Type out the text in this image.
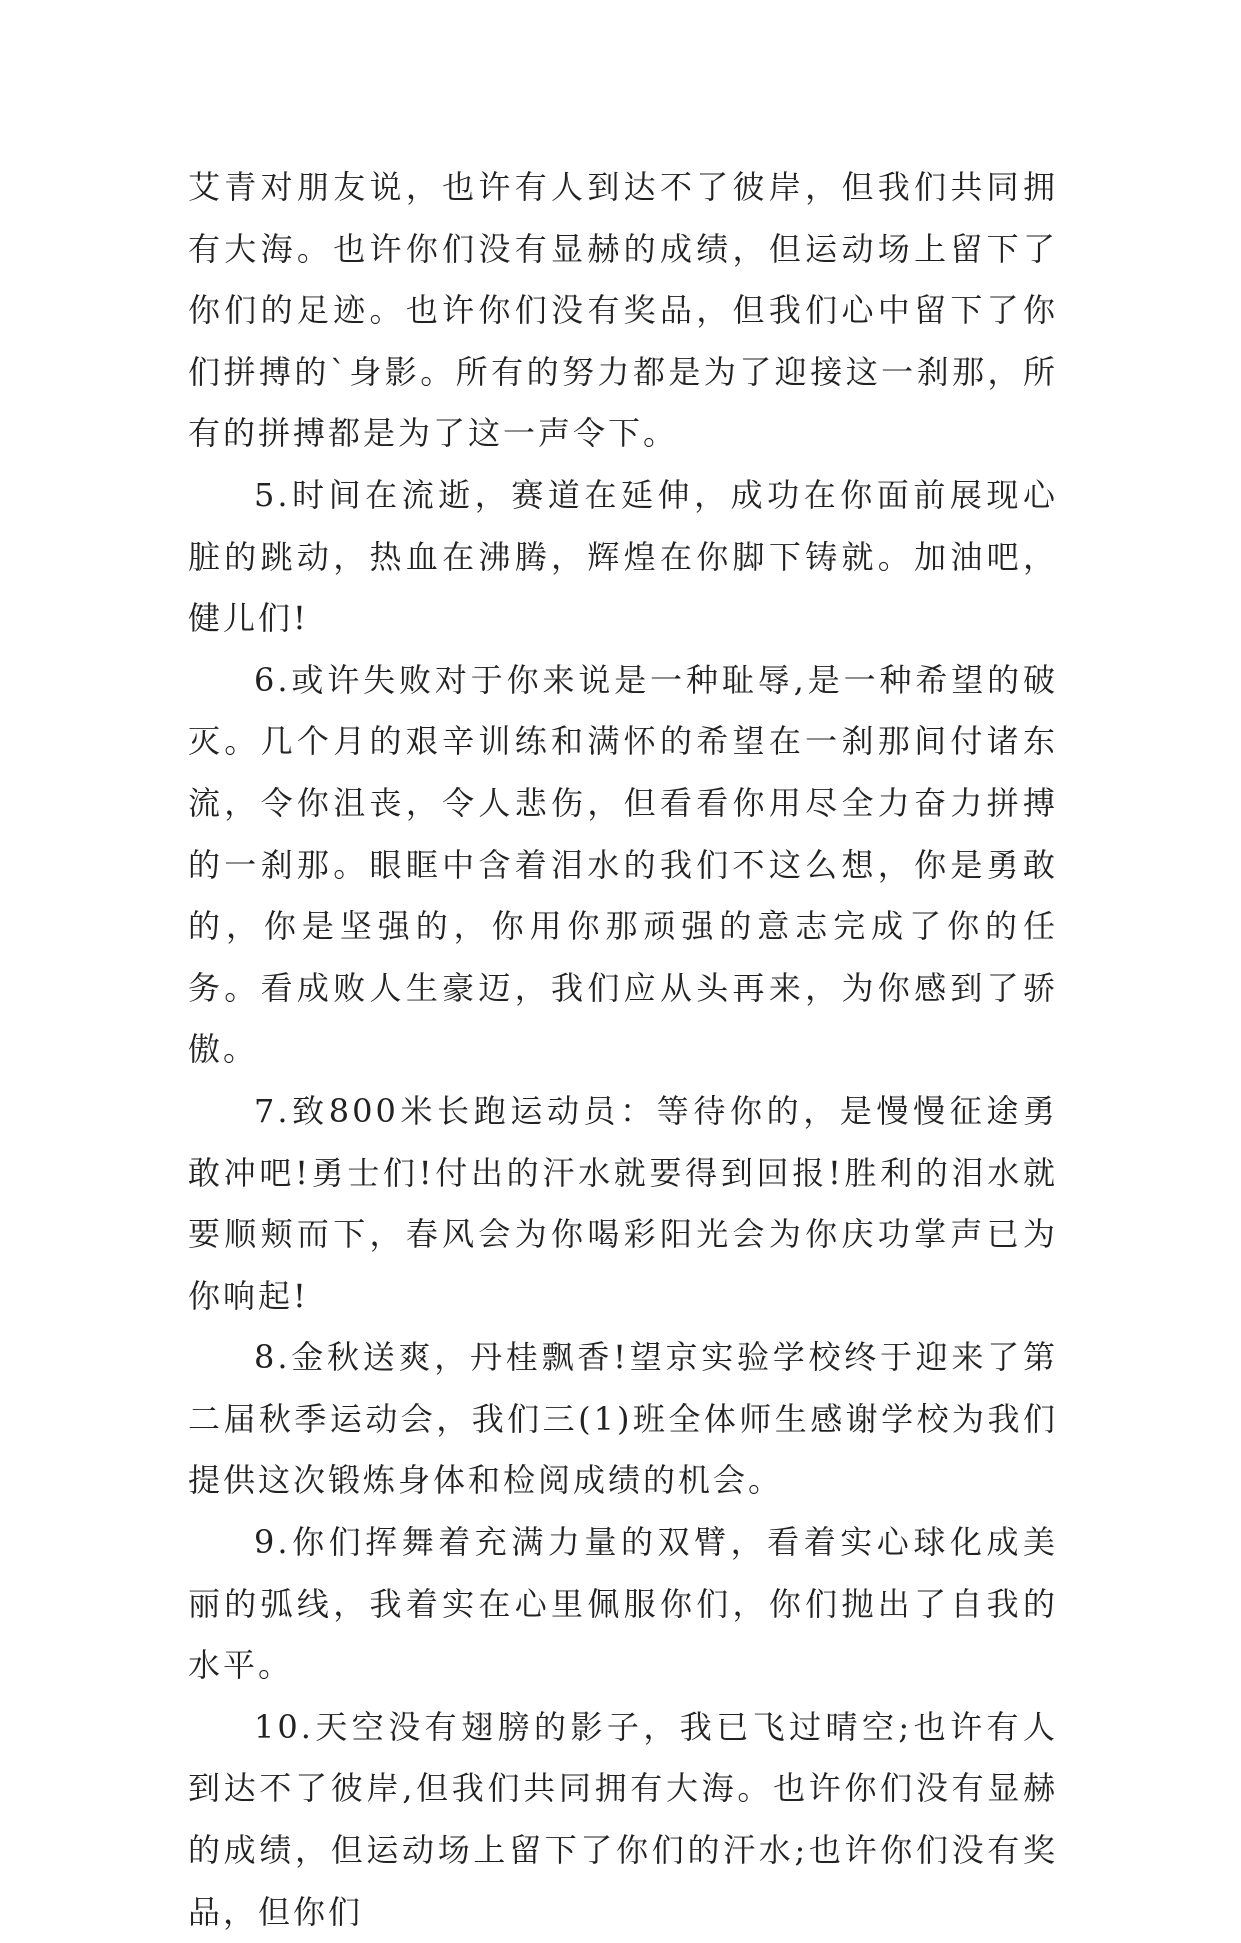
艾青对朋友说，也许有人到达不了彼岸，但我们共同拥有大海。也许你们没有显赫的成绩，但运动场上留下了你们的足迹。也许你们没有奖品，但我们心中留下了你们拼搏的`身影。所有的努力都是为了迎接这一刹那，所有的拼搏都是为了这一声令下。

5.时间在流逝，赛道在延伸，成功在你面前展现心脏的跳动，热血在沸腾，辉煌在你脚下铸就。加油吧，健儿们!

6.或许失败对于你来说是一种耻辱,是一种希望的破灭。几个月的艰辛训练和满怀的希望在一刹那间付诸东流，令你沮丧，令人悲伤，但看看你用尽全力奋力拼搏的一刹那。眼眶中含着泪水的我们不这么想，你是勇敢的，你是坚强的，你用你那顽强的意志完成了你的任务。看成败人生豪迈，我们应从头再来，为你感到了骄傲。

7.致800米长跑运动员：等待你的，是慢慢征途勇敢冲吧!勇士们!付出的汗水就要得到回报!胜利的泪水就要顺颊而下，春风会为你喝彩阳光会为你庆功掌声已为你响起!

8.金秋送爽，丹桂飘香!望京实验学校终于迎来了第二届秋季运动会，我们三(1)班全体师生感谢学校为我们提供这次锻炼身体和检阅成绩的机会。

9.你们挥舞着充满力量的双臂，看着实心球化成美丽的弧线，我着实在心里佩服你们，你们抛出了自我的水平。

10.天空没有翅膀的影子，我已飞过晴空;也许有人到达不了彼岸,但我们共同拥有大海。也许你们没有显赫的成绩，但运动场上留下了你们的汗水;也许你们没有奖品，但你们
